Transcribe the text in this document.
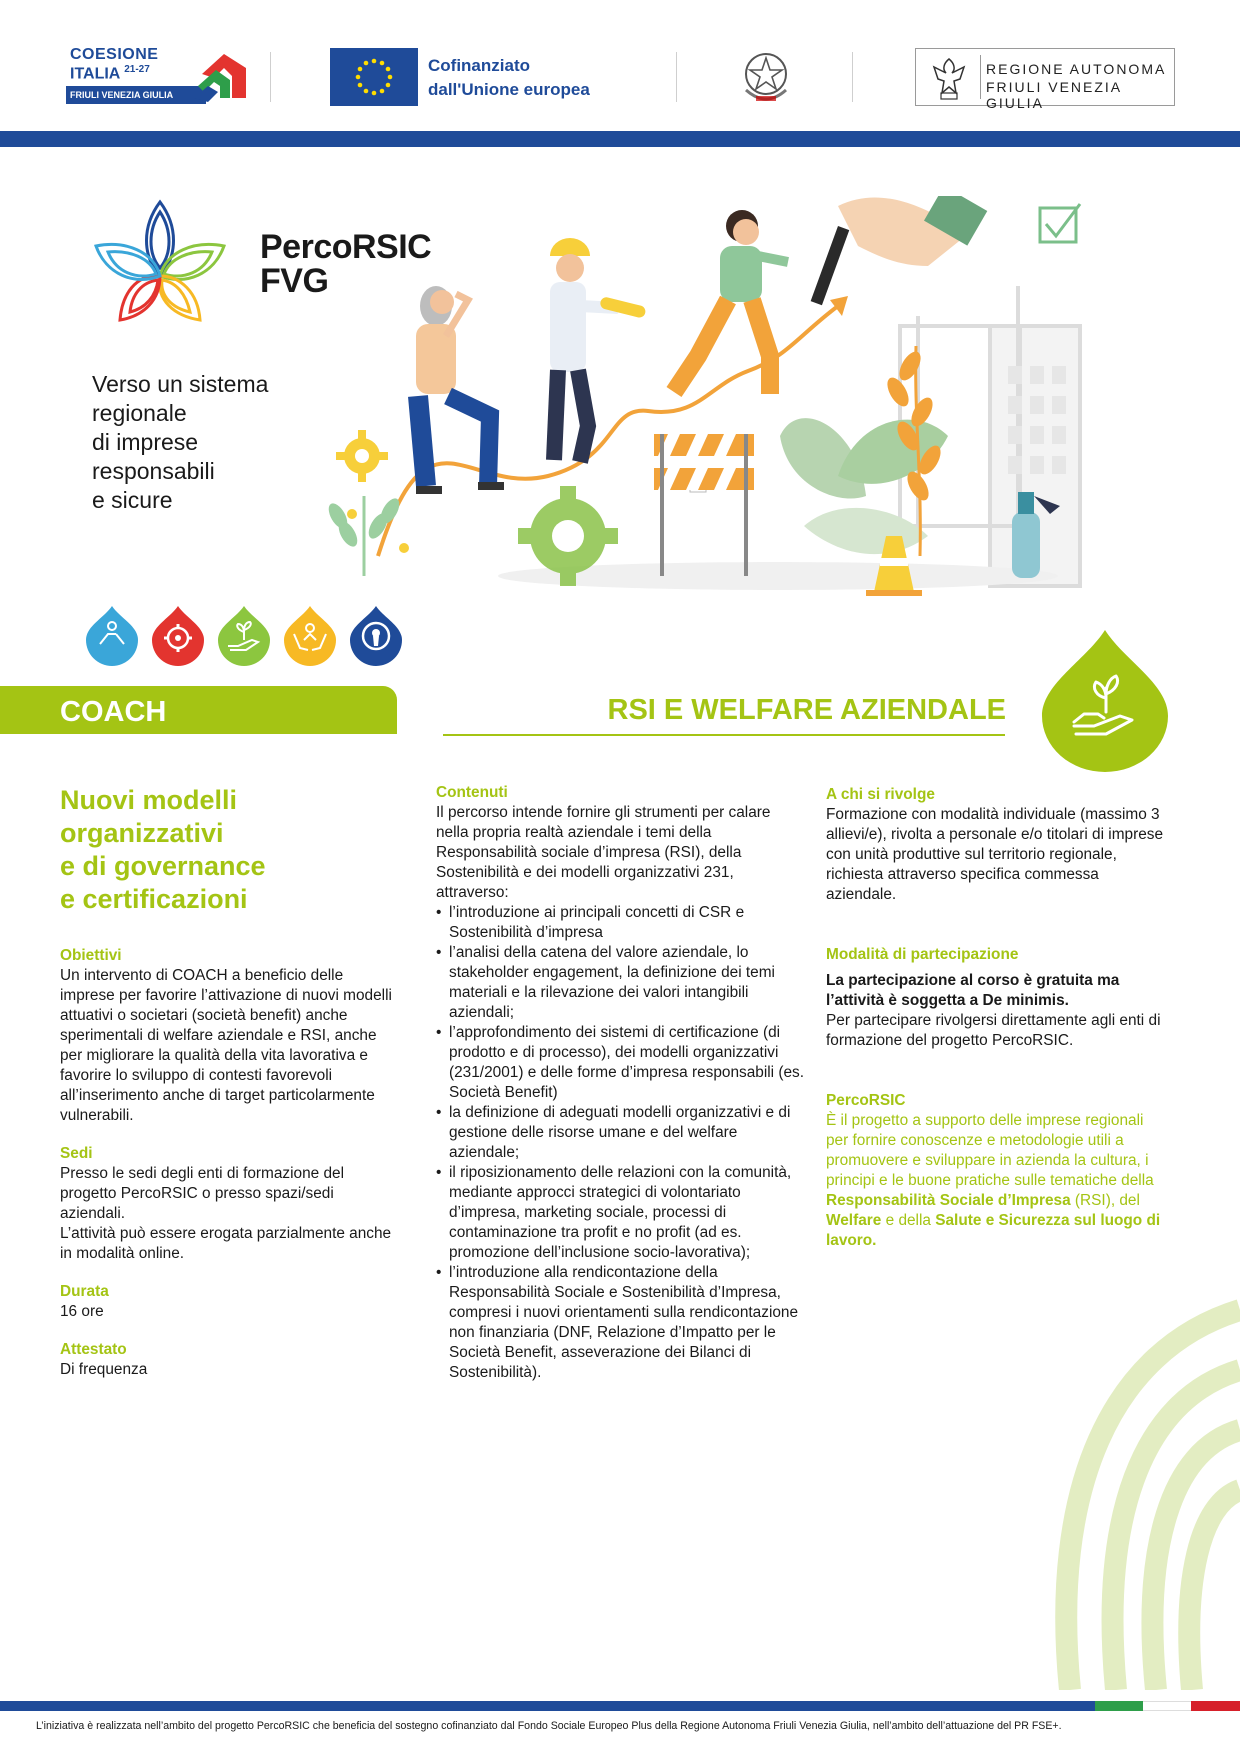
COESIONE
ITALIA $^{21-27}$
FRIULI VENEZIA GIULIA
Cofinanziato
dall'Unione europea
REGIONE AUTONOMA
FRIULI VENEZIA GIULIA
PercoRSIC
FVG
Verso un sistema
regionale
di imprese
responsabili
e sicure
COACH	RSI E WELFARE AZIENDALE
Nuovi modelli
organizzativi
e di governance
e certificazioni
Obiettivi
Un intervento di COACH a beneficio delle imprese per favorire l’attivazione di nuovi modelli attuativi o societari (società benefit) anche sperimentali di welfare aziendale e RSI, anche per migliorare la qualità della vita lavorativa e favorire lo sviluppo di contesti favorevoli all’inserimento anche di target particolarmente vulnerabili.
Sedi
Presso le sedi degli enti di formazione del progetto PercoRSIC o presso spazi/sedi aziendali.
L’attività può essere erogata parzialmente anche in modalità online.
Durata
16 ore
Attestato
Di frequenza
Contenuti
Il percorso intende fornire gli strumenti per calare nella propria realtà aziendale i temi della Responsabilità sociale d’impresa (RSI), della Sostenibilità e dei modelli organizzativi 231, attraverso:
• l’introduzione ai principali concetti di CSR e Sostenibilità d’impresa
• l’analisi della catena del valore aziendale, lo stakeholder engagement, la definizione dei temi materiali e la rilevazione dei valori intangibili aziendali;
• l’approfondimento dei sistemi di certificazione (di prodotto e di processo), dei modelli organizzativi (231/2001) e delle forme d’impresa responsabili (es. Società Benefit)
• la definizione di adeguati modelli organizzativi e di gestione delle risorse umane e del welfare aziendale;
• il riposizionamento delle relazioni con la comunità, mediante approcci strategici di volontariato d’impresa, marketing sociale, processi di contaminazione tra profit e no profit (ad es. promozione dell’inclusione socio-lavorativa);
• l’introduzione alla rendicontazione della Responsabilità Sociale e Sostenibilità d’Impresa, compresi i nuovi orientamenti sulla rendicontazione non finanziaria (DNF, Relazione d’Impatto per le Società Benefit, asseverazione dei Bilanci di Sostenibilità).
A chi si rivolge
Formazione con modalità individuale (massimo 3 allievi/e), rivolta a personale e/o titolari di imprese con unità produttive sul territorio regionale, richiesta attraverso specifica commessa aziendale.
Modalità di partecipazione
La partecipazione al corso è gratuita ma l’attività è soggetta a De minimis.
Per partecipare rivolgersi direttamente agli enti di formazione del progetto PercoRSIC.
PercoRSIC
È il progetto a supporto delle imprese regionali per fornire conoscenze e metodologie utili a promuovere e sviluppare in azienda la cultura, i principi e le buone pratiche sulle tematiche della Responsabilità Sociale d’Impresa (RSI), del Welfare e della Salute e Sicurezza sul luogo di lavoro.
L’iniziativa è realizzata nell’ambito del progetto PercoRSIC che beneficia del sostegno cofinanziato dal Fondo Sociale Europeo Plus della Regione Autonoma Friuli Venezia Giulia, nell’ambito dell’attuazione del PR FSE+.
